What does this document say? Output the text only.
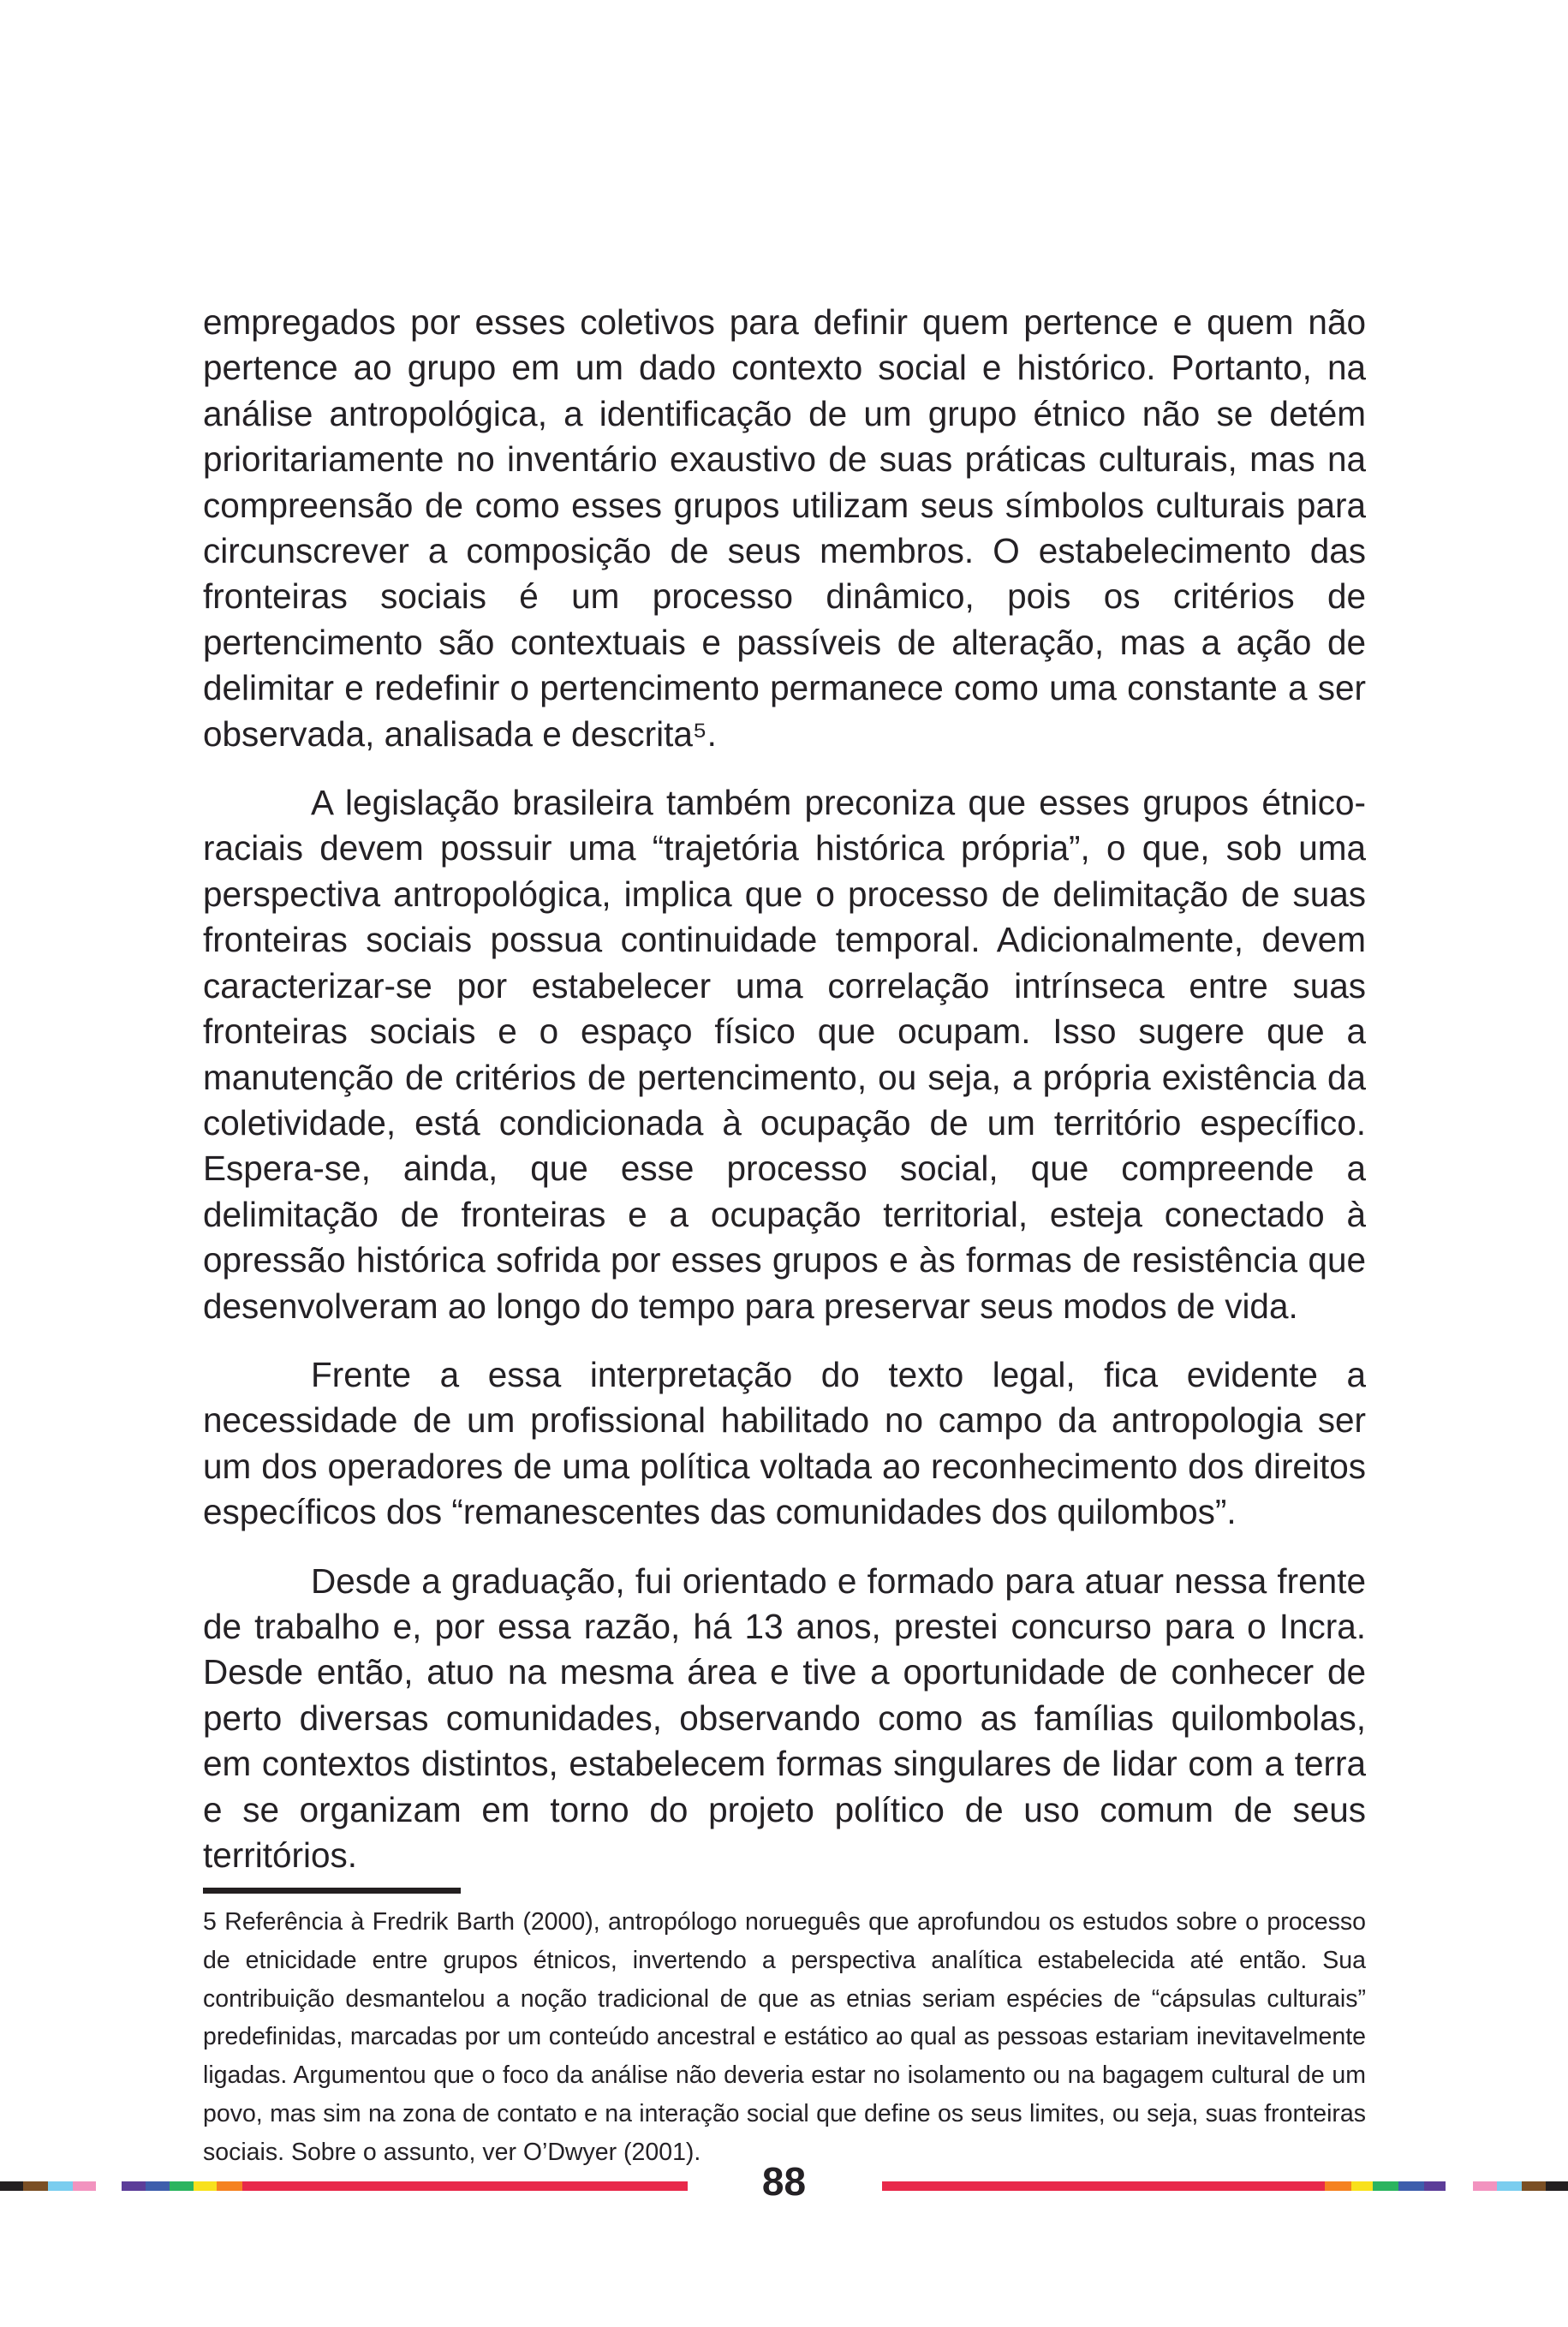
empregados por esses coletivos para definir quem pertence e quem não pertence ao grupo em um dado contexto social e histórico. Portanto, na análise antropológica, a identificação de um grupo étnico não se detém prioritariamente no inventário exaustivo de suas práticas culturais, mas na compreensão de como esses grupos utilizam seus símbolos culturais para circunscrever a composição de seus membros. O estabelecimento das fronteiras sociais é um processo dinâmico, pois os critérios de pertencimento são contextuais e passíveis de alteração, mas a ação de delimitar e redefinir o pertencimento permanece como uma constante a ser observada, analisada e descrita⁵.

A legislação brasileira também preconiza que esses grupos étnico-raciais devem possuir uma “trajetória histórica própria”, o que, sob uma perspectiva antropológica, implica que o processo de delimitação de suas fronteiras sociais possua continuidade temporal. Adicionalmente, devem caracterizar-se por estabelecer uma correlação intrínseca entre suas fronteiras sociais e o espaço físico que ocupam. Isso sugere que a manutenção de critérios de pertencimento, ou seja, a própria existência da coletividade, está condicionada à ocupação de um território específico. Espera-se, ainda, que esse processo social, que compreende a delimitação de fronteiras e a ocupação territorial, esteja conectado à opressão histórica sofrida por esses grupos e às formas de resistência que desenvolveram ao longo do tempo para preservar seus modos de vida.

Frente a essa interpretação do texto legal, fica evidente a necessidade de um profissional habilitado no campo da antropologia ser um dos operadores de uma política voltada ao reconhecimento dos direitos específicos dos “remanescentes das comunidades dos quilombos”.

Desde a graduação, fui orientado e formado para atuar nessa frente de trabalho e, por essa razão, há 13 anos, prestei concurso para o Incra. Desde então, atuo na mesma área e tive a oportunidade de conhecer de perto diversas comunidades, observando como as famílias quilombolas, em contextos distintos, estabelecem formas singulares de lidar com a terra e se organizam em torno do projeto político de uso comum de seus territórios.

5 Referência à Fredrik Barth (2000), antropólogo norueguês que aprofundou os estudos sobre o processo de etnicidade entre grupos étnicos, invertendo a perspectiva analítica estabelecida até então. Sua contribuição desmantelou a noção tradicional de que as etnias seriam espécies de “cápsulas culturais” predefinidas, marcadas por um conteúdo ancestral e estático ao qual as pessoas estariam inevitavelmente ligadas. Argumentou que o foco da análise não deveria estar no isolamento ou na bagagem cultural de um povo, mas sim na zona de contato e na interação social que define os seus limites, ou seja, suas fronteiras sociais. Sobre o assunto, ver O’Dwyer (2001).
88
